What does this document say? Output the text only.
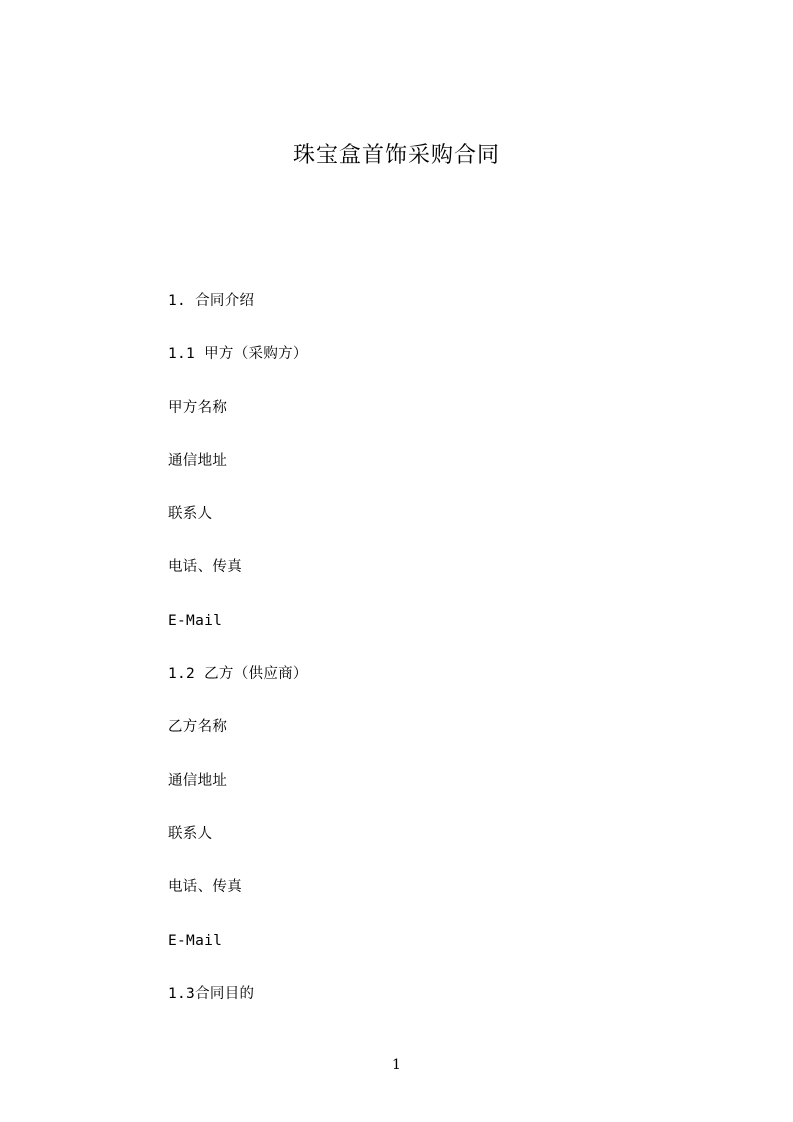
珠宝盒首饰采购合同
1. 合同介绍
1.1 甲方（采购方）
甲方名称
通信地址
联系人
电话、传真
E-Mail
1.2 乙方（供应商）
乙方名称
通信地址
联系人
电话、传真
E-Mail
1.3合同目的
1
